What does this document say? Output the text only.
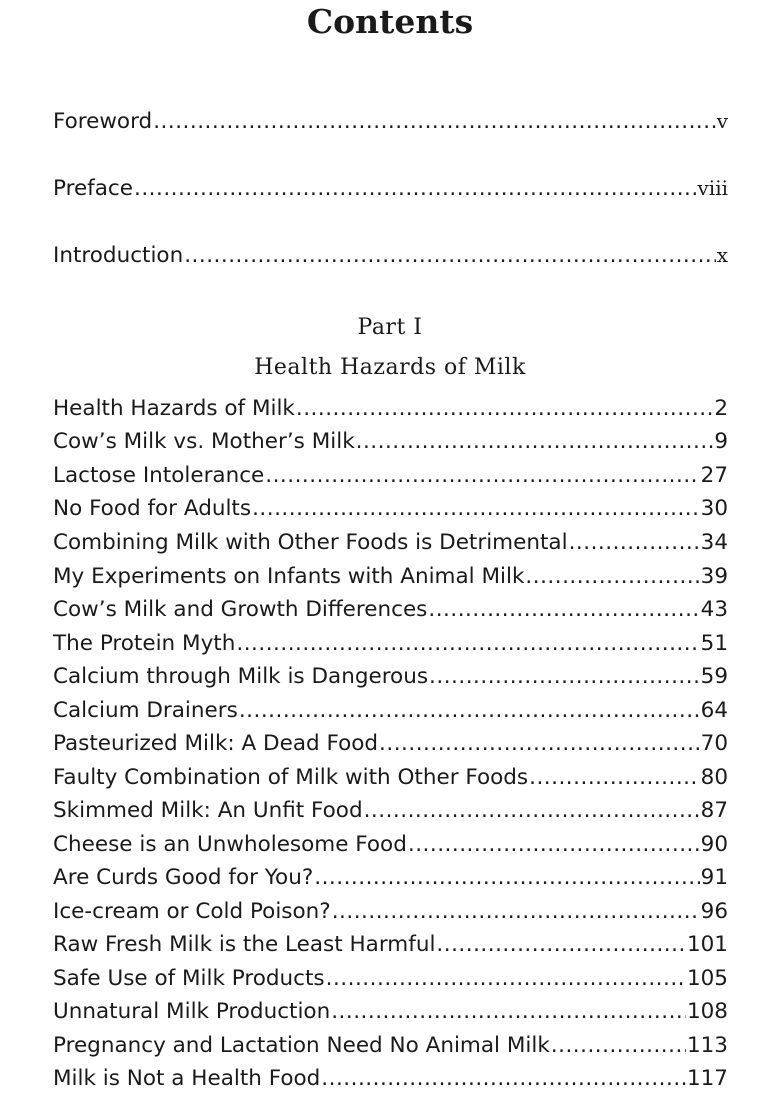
Contents
Foreword .....	v
Preface .....	viii
Introduction .....	x
Part I
Health Hazards of Milk
Health Hazards of Milk .....	2
Cow’s Milk vs. Mother’s Milk .....	9
Lactose Intolerance .....	27
No Food for Adults .....	30
Combining Milk with Other Foods is Detrimental .....	34
My Experiments on Infants with Animal Milk .....	39
Cow’s Milk and Growth Differences .....	43
The Protein Myth .....	51
Calcium through Milk is Dangerous .....	59
Calcium Drainers .....	64
Pasteurized Milk: A Dead Food .....	70
Faulty Combination of Milk with Other Foods .....	80
Skimmed Milk: An Unfit Food .....	87
Cheese is an Unwholesome Food .....	90
Are Curds Good for You? .....	91
Ice-cream or Cold Poison? .....	96
Raw Fresh Milk is the Least Harmful .....	101
Safe Use of Milk Products .....	105
Unnatural Milk Production .....	108
Pregnancy and Lactation Need No Animal Milk .....	113
Milk is Not a Health Food .....	117
